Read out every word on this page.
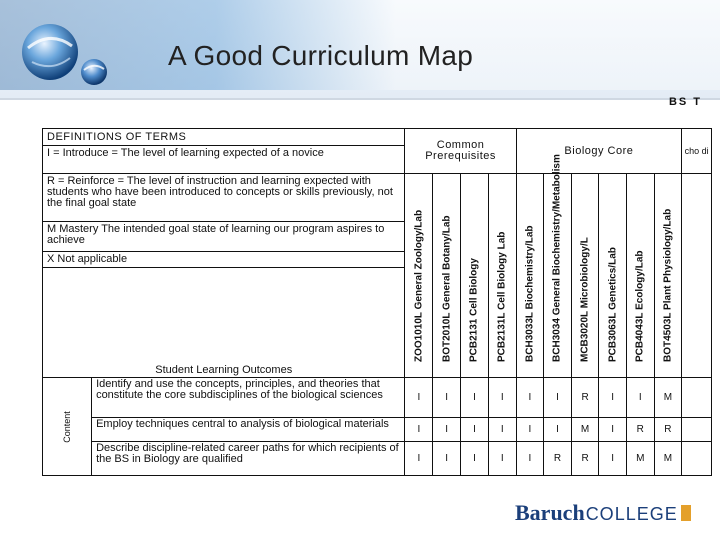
A Good Curriculum Map
BS T
DEFINITIONS OF TERMS		Common Prerequisites				Biology Core						cho di
I = Introduce = The level of learning expected of a novice												
R = Reinforce = The level of instruction and learning expected with students who have been introduced to concepts or skills previously, not the final goal state		ZOO1010L General Zoology/Lab	BOT2010L General Botany/Lab	PCB2131 Cell Biology	PCB2131L Cell Biology Lab	BCH3033L Biochemistry/Lab	BCH3034 General Biochemistry/Metabolism	MCB3020L Microbiology/L	PCB3063L Genetics/Lab	PCB4043L Ecology/Lab	BOT4503L Plant Physiology/Lab	

M Mastery The intended goal state of learning our program aspires to achieve												
X Not applicable												
Student Learning Outcomes												

Content	Identify and use the concepts, principles, and theories that constitute the core subdisciplines of the biological sciences	I	I	I	I	I	I	R	I	I	M	
	Employ techniques central to analysis of biological materials	I	I	I	I	I	I	M	I	R	R	
	Describe discipline-related career paths for which recipients of the BS in Biology are qualified	I	I	I	I	I	R	R	I	M	M	
Baruch COLLEGE
